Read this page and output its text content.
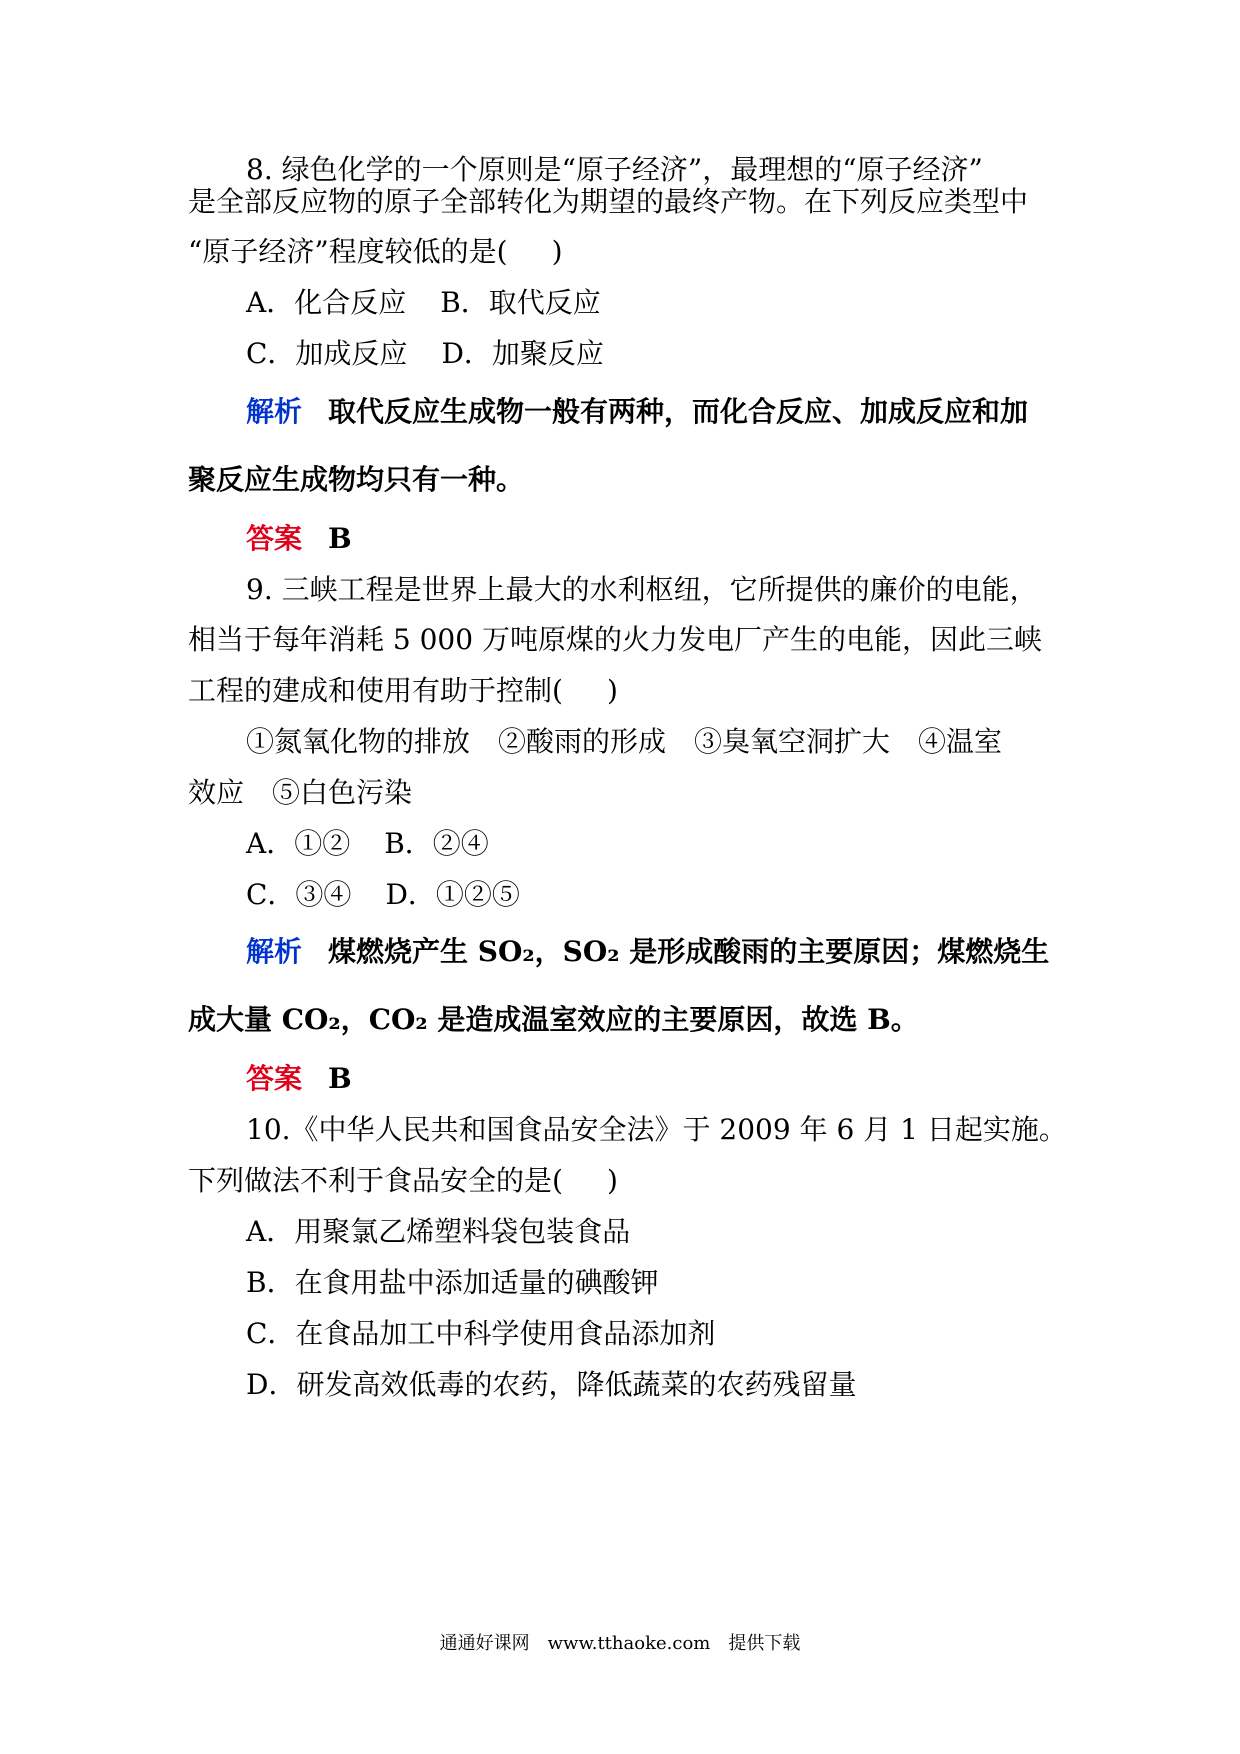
8. 绿色化学的一个原则是“原子经济”，最理想的“原子经济”
是全部反应物的原子全部转化为期望的最终产物。在下列反应类型中
“原子经济”程度较低的是( )
A．化合反应 B．取代反应
C．加成反应 D．加聚反应
解析 取代反应生成物一般有两种，而化合反应、加成反应和加
聚反应生成物均只有一种。
答案 B
9. 三峡工程是世界上最大的水利枢纽，它所提供的廉价的电能，
相当于每年消耗 5 000 万吨原煤的火力发电厂产生的电能，因此三峡
工程的建成和使用有助于控制( )
①氮氧化物的排放　②酸雨的形成　③臭氧空洞扩大　④温室
效应　⑤白色污染
A．①② B．②④
C．③④ D．①②⑤
解析 煤燃烧产生 SO₂，SO₂ 是形成酸雨的主要原因；煤燃烧生
成大量 CO₂，CO₂ 是造成温室效应的主要原因，故选 B。
答案 B
10.《中华人民共和国食品安全法》于 2009 年 6 月 1 日起实施。
下列做法不利于食品安全的是( )
A．用聚氯乙烯塑料袋包装食品
B．在食用盐中添加适量的碘酸钾
C．在食品加工中科学使用食品添加剂
D．研发高效低毒的农药，降低蔬菜的农药残留量
通通好课网　www.tthaoke.com　提供下载
